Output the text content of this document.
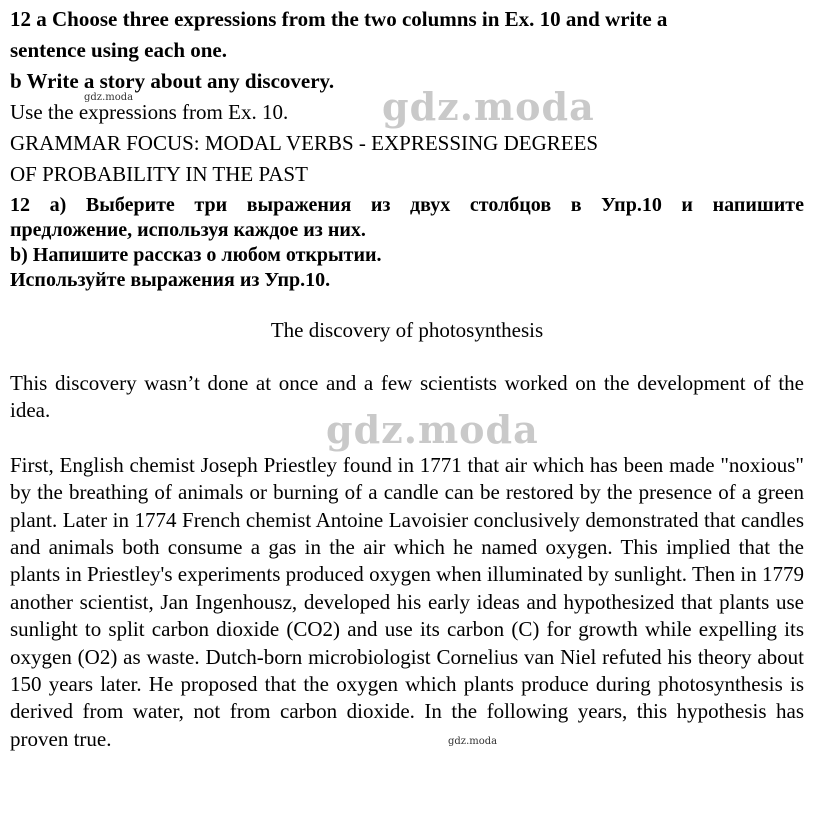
12 a Choose three expressions from the two columns in Ex. 10 and write a
sentence using each one.
b Write a story about any discovery.
Use the expressions from Ex. 10.
GRAMMAR FOCUS: MODAL VERBS - EXPRESSING DEGREES
OF PROBABILITY IN THE PAST
12 а) Выберите три выражения из двух столбцов в Упр.10 и напишите
предложение, используя каждое из них.
b) Напишите рассказ о любом открытии.
Используйте выражения из Упр.10.
The discovery of photosynthesis
This discovery wasn’t done at once and a few scientists worked on the development of the idea.
First, English chemist Joseph Priestley found in 1771 that air which has been made "noxious" by the breathing of animals or burning of a candle can be restored by the presence of a green plant. Later in 1774 French chemist Antoine Lavoisier conclusively demonstrated that candles and animals both consume a gas in the air which he named oxygen. This implied that the plants in Priestley's experiments produced oxygen when illuminated by sunlight. Then in 1779 another scientist, Jan Ingenhousz, developed his early ideas and hypothesized that plants use sunlight to split carbon dioxide (CO2) and use its carbon (C) for growth while expelling its oxygen (O2) as waste. Dutch-born microbiologist Cornelius van Niel refuted his theory about 150 years later. He proposed that the oxygen which plants produce during photosynthesis is derived from water, not from carbon dioxide. In the following years, this hypothesis has proven true.
gdz.moda
gdz.moda
gdz.moda
gdz.moda
